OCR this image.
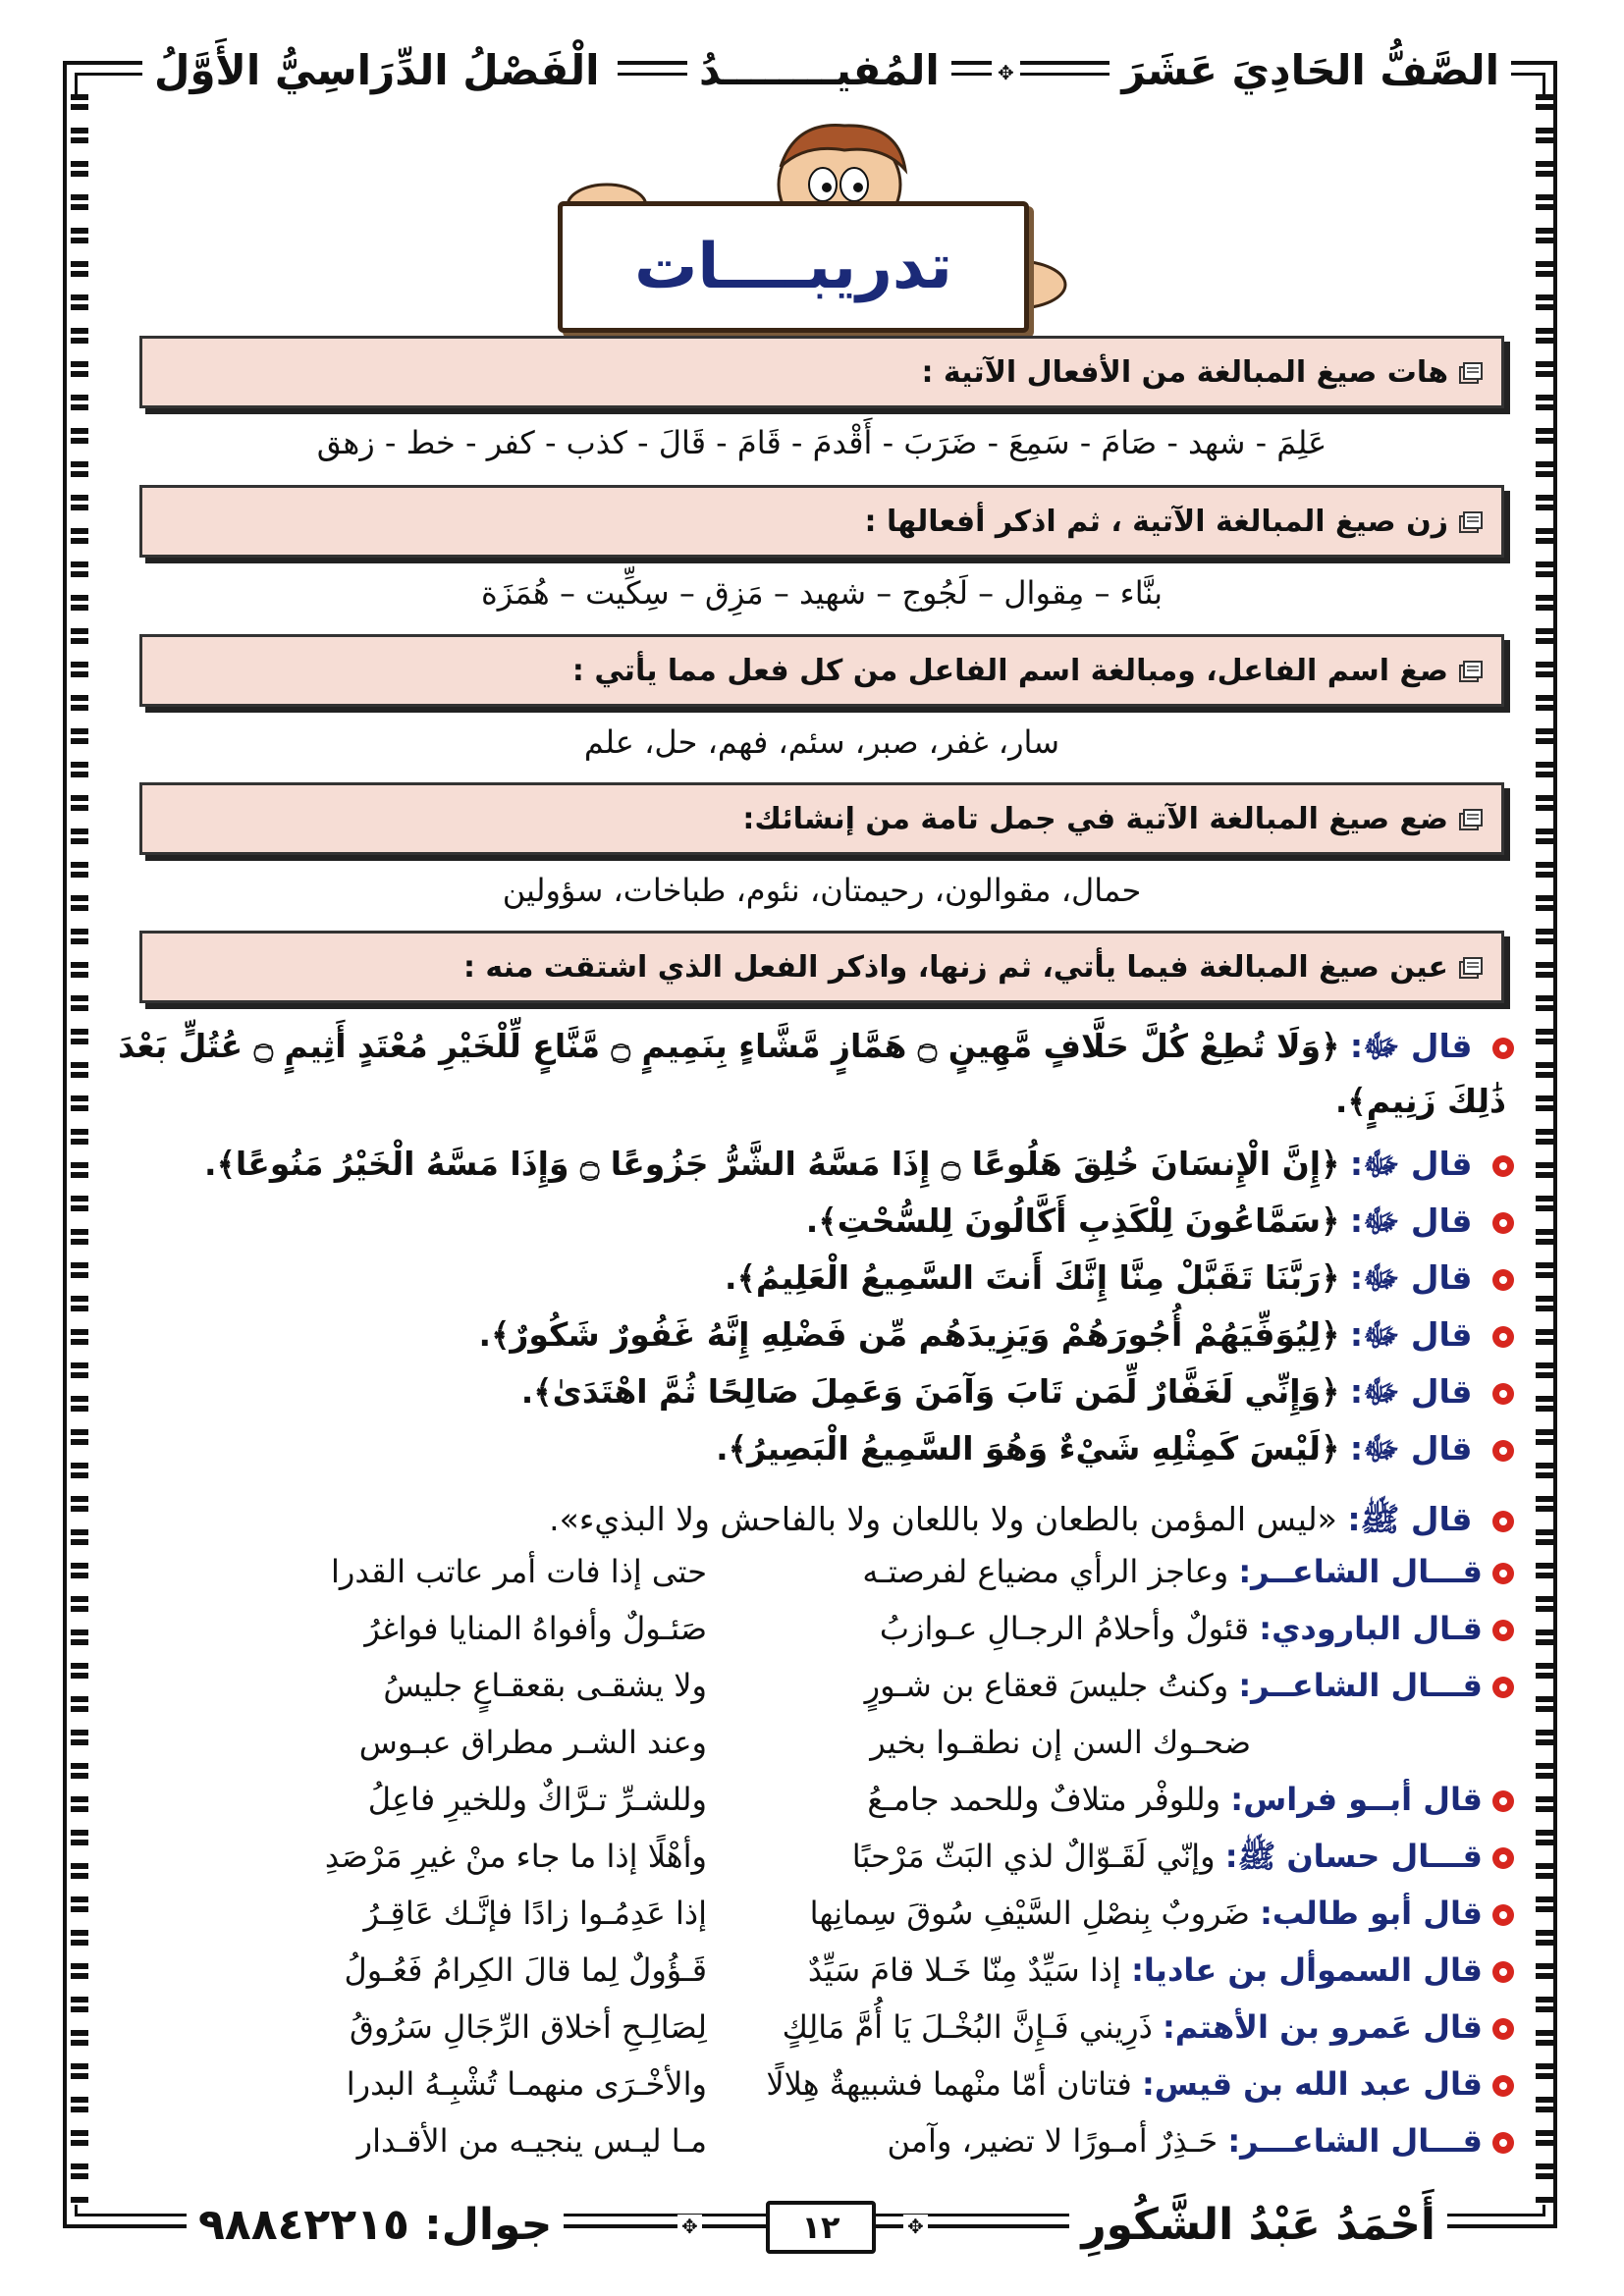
الصَّفُّ الحَادِيَ عَشَرَ
✥
المُفيــــــــدُ
الْفَصْلُ الدِّرَاسِيُّ الأَوَّلُ
تدريبــــات
هات صيغ المبالغة من الأفعال الآتية :
عَلِمَ - شهد - صَامَ - سَمِعَ - ضَرَبَ - أَقْدمَ - قَامَ - قَالَ - كذب - كفر - خط - زهق
زن صيغ المبالغة الآتية ، ثم اذكر أفعالها :
بنَّاء – مِقوال – لَجُوج – شهيد – مَزِق – سِكِّيت – هُمَزَة
صغ اسم الفاعل، ومبالغة اسم الفاعل من كل فعل مما يأتي :
سار، غفر، صبر، سئم، فهم، حل، علم
ضع صيغ المبالغة الآتية في جمل تامة من إنشائك:
حمال، مقوالون، رحيمتان، نئوم، طباخات، سؤولين
عين صيغ المبالغة فيما يأتي، ثم زنها، واذكر الفعل الذي اشتقت منه :
قال ﷻ: ﴿وَلَا تُطِعْ كُلَّ حَلَّافٍ مَّهِينٍ ۝ هَمَّازٍ مَّشَّاءٍ بِنَمِيمٍ ۝ مَّنَّاعٍ لِّلْخَيْرِ مُعْتَدٍ أَثِيمٍ ۝ عُتُلٍّ بَعْدَ
ذَٰلِكَ زَنِيمٍ﴾.
قال ﷻ: ﴿إِنَّ الْإِنسَانَ خُلِقَ هَلُوعًا ۝ إِذَا مَسَّهُ الشَّرُّ جَزُوعًا ۝ وَإِذَا مَسَّهُ الْخَيْرُ مَنُوعًا﴾.
قال ﷻ: ﴿سَمَّاعُونَ لِلْكَذِبِ أَكَّالُونَ لِلسُّحْتِ﴾.
قال ﷻ: ﴿رَبَّنَا تَقَبَّلْ مِنَّا إِنَّكَ أَنتَ السَّمِيعُ الْعَلِيمُ﴾.
قال ﷻ: ﴿لِيُوَفِّيَهُمْ أُجُورَهُمْ وَيَزِيدَهُم مِّن فَضْلِهِ إِنَّهُ غَفُورٌ شَكُورٌ﴾.
قال ﷻ: ﴿وَإِنِّي لَغَفَّارٌ لِّمَن تَابَ وَآمَنَ وَعَمِلَ صَالِحًا ثُمَّ اهْتَدَىٰ﴾.
قال ﷻ: ﴿لَيْسَ كَمِثْلِهِ شَيْءٌ وَهُوَ السَّمِيعُ الْبَصِيرُ﴾.
قال ﷺ: «ليس المؤمن بالطعان ولا باللعان ولا بالفاحش ولا البذيء».
قـــال الشاعــر: وعاجز الرأي مضياع لفرصتـه
حتى إذا فات أمر عاتب القدرا
قـال البارودي: قئولٌ وأحلامُ الرجـالِ عـوازبُ
صَئـولٌ وأفواهُ المنايا فواغرُ
قـــال الشاعــر: وكنتُ جليسَ قعقاع بن شـورٍ
ولا يشقـى بقعقـاعٍ جليسُ
ضحـوك السن إن نطقـوا بخير
وعند الشـر مطراق عبـوس
قال أبــو فراس: وللوفْر متلافٌ وللحمد جامـعُ
وللشـرِّ تـرَّاكٌ وللخيرِ فاعِلُ
قـــال حسان ﷺ: وإنّي لَقَـوّالٌ لذي البَثّ مَرْحبًا
وأهْلًا إذا ما جاء منْ غيرِ مَرْصَدِ
قال أبو طالب: ضَروبٌ بِنصْلِ السَّيْفِ سُوقَ سِمانِها
إذا عَدِمُـوا زادًا فإنَّـك عَاقِـرُ
قال السموأل بن عاديا: إذا سَيِّدٌ مِنّا خَـلا قامَ سَيِّدٌ
قَـؤُولٌ لِما قالَ الكِرامُ فَعُـولُ
قال عَمرو بن الأهتم: ذَرِيني فَـإِنَّ البُخْـلَ يَا أُمَّ مَالِكٍ
لِصَالِـحِ أخلاق الرِّجَالِ سَرُوقُ
قال عبد الله بن قيس: فتاتان أمّا منْهما فشبيهةٌ هِلالًا
والأخْـرَى منهمـا تُشْبِـهُ البدرا
قـــال الشاعـــر: حَـذِرٌ أمـورًا لا تضير، وآمن
مـا ليـس ينجيـه من الأقـدار
أَحْمَدُ عَبْدُ الشَّكُورِ
✥
١٢
✥
جوال: ٩٨٨٤٢٢١٥
